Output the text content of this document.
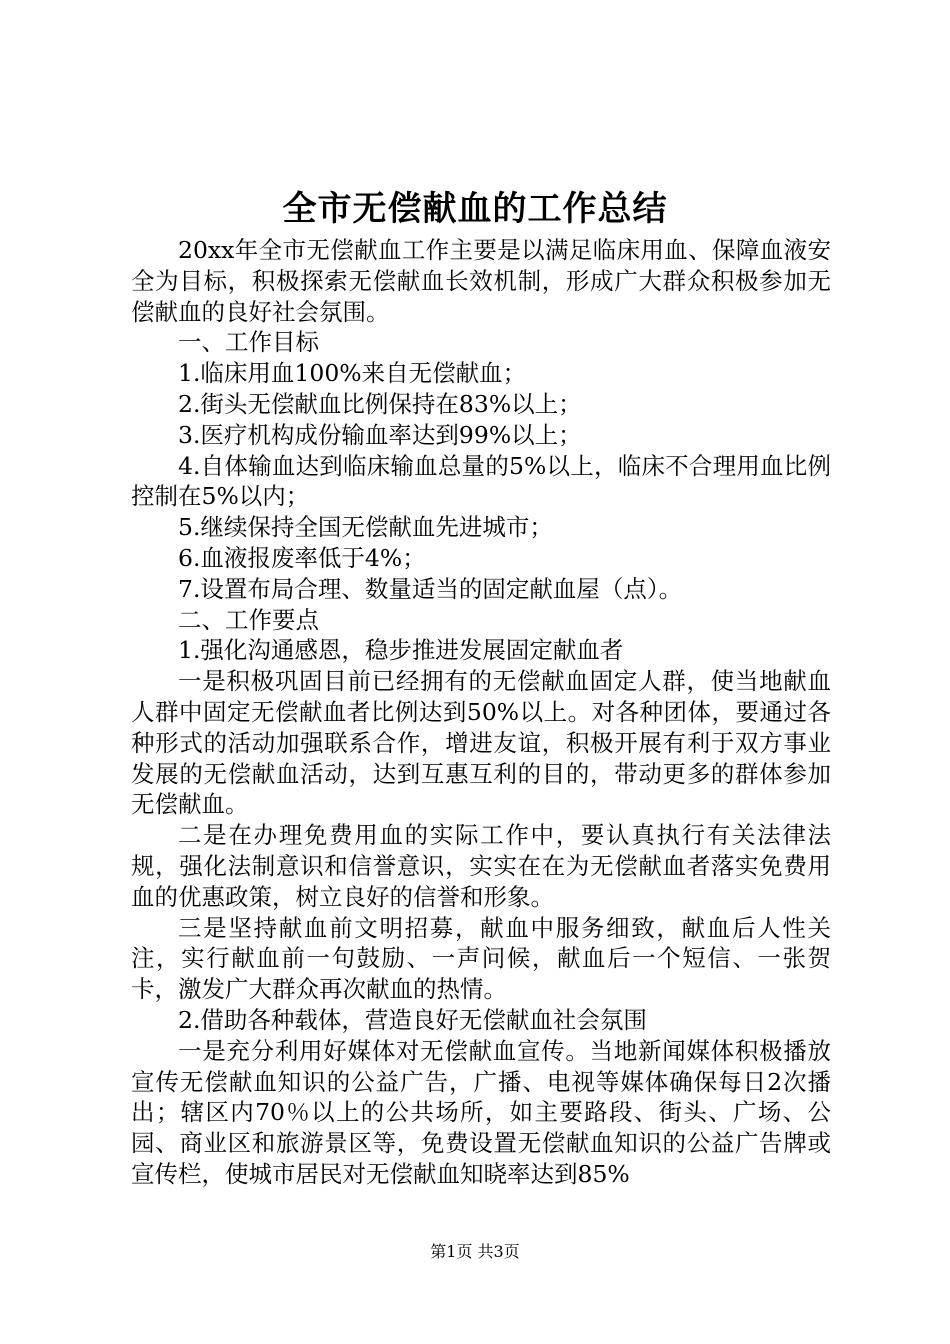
全市无偿献血的工作总结

20xx年全市无偿献血工作主要是以满足临床用血、保障血液安全为目标，积极探索无偿献血长效机制，形成广大群众积极参加无偿献血的良好社会氛围。

一、工作目标

1.临床用血100%来自无偿献血；

2.街头无偿献血比例保持在83%以上；

3.医疗机构成份输血率达到99%以上；

4.自体输血达到临床输血总量的5%以上，临床不合理用血比例控制在5%以内；

5.继续保持全国无偿献血先进城市；

6.血液报废率低于4%；

7.设置布局合理、数量适当的固定献血屋（点）。

二、工作要点

1.强化沟通感恩，稳步推进发展固定献血者

一是积极巩固目前已经拥有的无偿献血固定人群，使当地献血人群中固定无偿献血者比例达到50%以上。对各种团体，要通过各种形式的活动加强联系合作，增进友谊，积极开展有利于双方事业发展的无偿献血活动，达到互惠互利的目的，带动更多的群体参加无偿献血。

二是在办理免费用血的实际工作中，要认真执行有关法律法规，强化法制意识和信誉意识，实实在在为无偿献血者落实免费用血的优惠政策，树立良好的信誉和形象。

三是坚持献血前文明招募，献血中服务细致，献血后人性关注，实行献血前一句鼓励、一声问候，献血后一个短信、一张贺卡，激发广大群众再次献血的热情。

2.借助各种载体，营造良好无偿献血社会氛围

一是充分利用好媒体对无偿献血宣传。当地新闻媒体积极播放宣传无偿献血知识的公益广告，广播、电视等媒体确保每日2次播出；辖区内70％以上的公共场所，如主要路段、街头、广场、公园、商业区和旅游景区等，免费设置无偿献血知识的公益广告牌或宣传栏，使城市居民对无偿献血知晓率达到85%

第1页 共3页
